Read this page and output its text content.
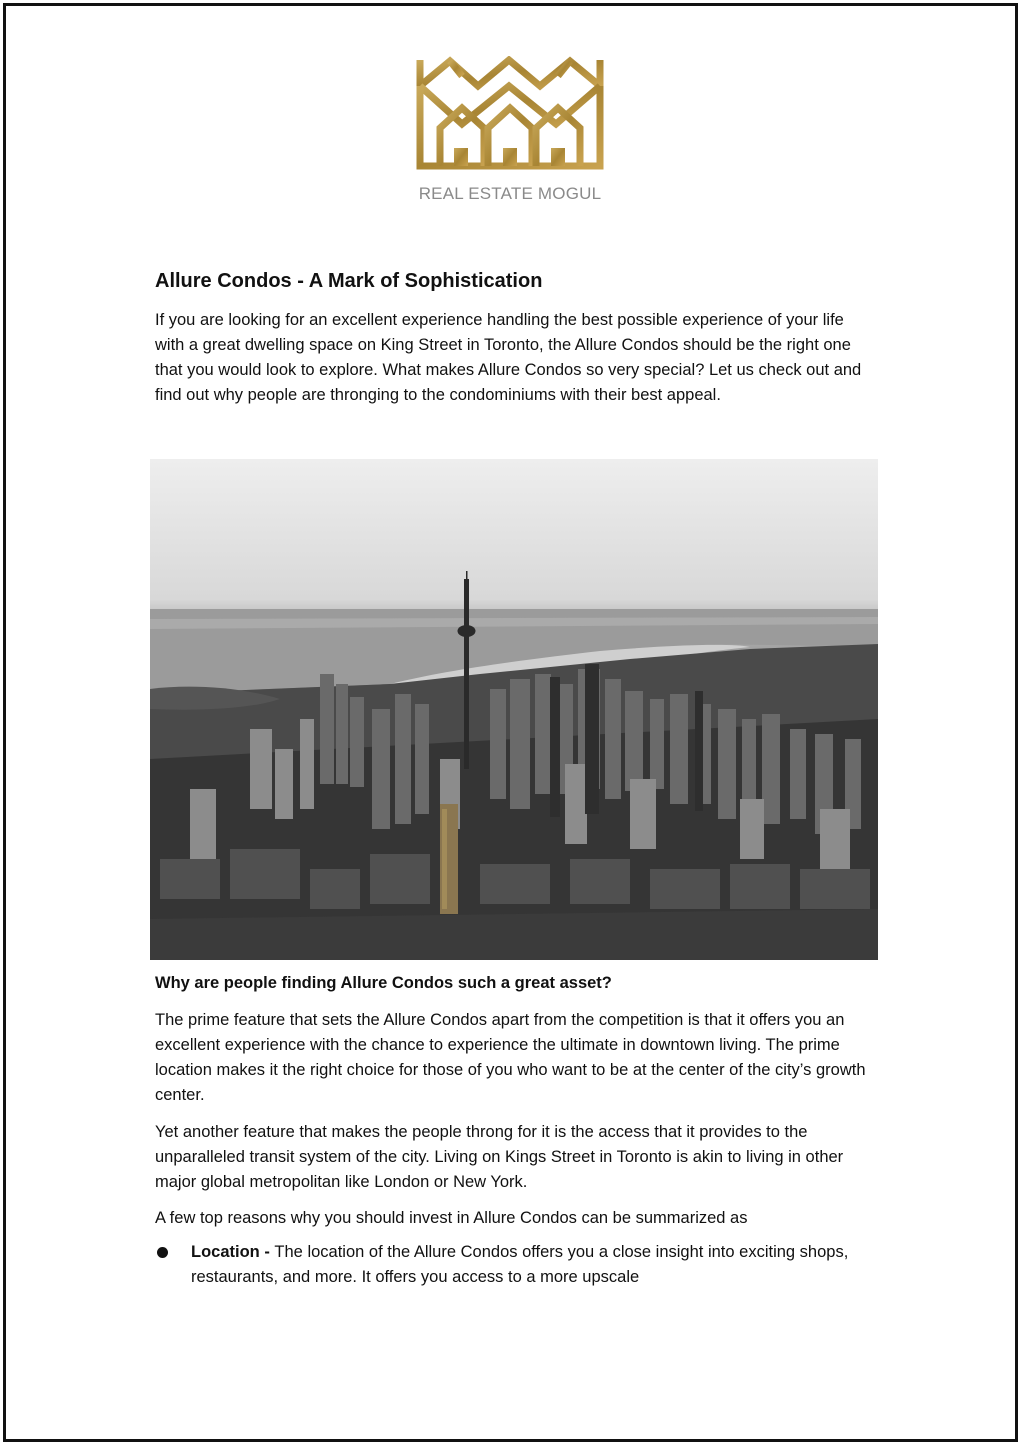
REAL ESTATE MOGUL
Allure Condos - A Mark of Sophistication

If you are looking for an excellent experience handling the best possible experience of your life with a great dwelling space on King Street in Toronto, the Allure Condos should be the right one that you would look to explore. What makes Allure Condos so very special? Let us check out and find out why people are thronging to the condominiums with their best appeal.

Why are people finding Allure Condos such a great asset?

The prime feature that sets the Allure Condos apart from the competition is that it offers you an excellent experience with the chance to experience the ultimate in downtown living. The prime location makes it the right choice for those of you who want to be at the center of the city’s growth center.

Yet another feature that makes the people throng for it is the access that it provides to the unparalleled transit system of the city. Living on Kings Street in Toronto is akin to living in other major global metropolitan like London or New York.

A few top reasons why you should invest in Allure Condos can be summarized as

Location - The location of the Allure Condos offers you a close insight into exciting shops, restaurants, and more. It offers you access to a more upscale
